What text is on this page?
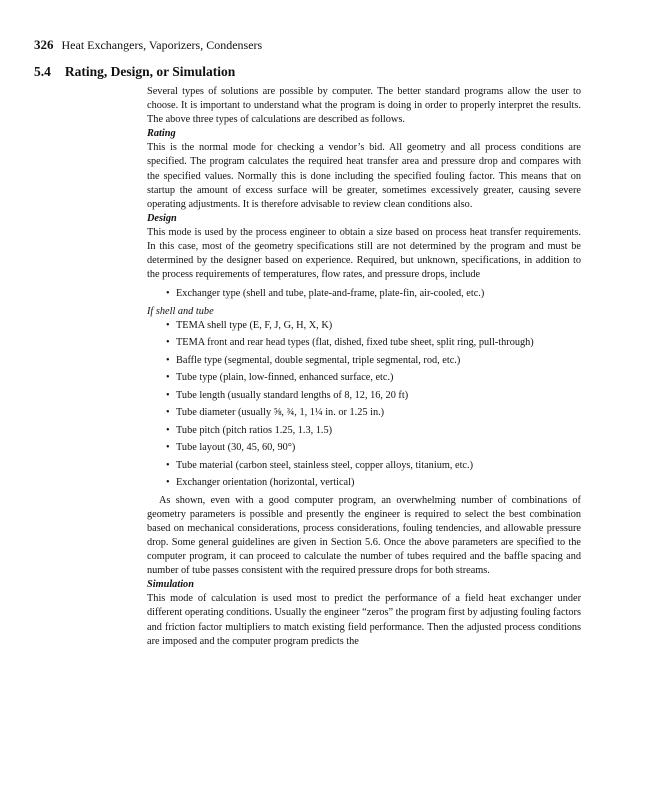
326 Heat Exchangers, Vaporizers, Condensers
5.4 Rating, Design, or Simulation

Several types of solutions are possible by computer. The better standard programs allow the user to choose. It is important to understand what the program is doing in order to properly interpret the results. The above three types of calculations are described as follows.

Rating

This is the normal mode for checking a vendor’s bid. All geometry and all process conditions are specified. The program calculates the required heat transfer area and pressure drop and compares with the specified values. Normally this is done including the specified fouling factor. This means that on startup the amount of excess surface will be greater, sometimes excessively greater, causing severe operating adjustments. It is therefore advisable to review clean conditions also.

Design

This mode is used by the process engineer to obtain a size based on process heat transfer requirements. In this case, most of the geometry specifications still are not determined by the program and must be determined by the designer based on experience. Required, but unknown, specifications, in addition to the process requirements of temperatures, flow rates, and pressure drops, include

• Exchanger type (shell and tube, plate-and-frame, plate-fin, air-cooled, etc.)

If shell and tube

• TEMA shell type (E, F, J, G, H, X, K)
• TEMA front and rear head types (flat, dished, fixed tube sheet, split ring, pull-through)
• Baffle type (segmental, double segmental, triple segmental, rod, etc.)
• Tube type (plain, low-finned, enhanced surface, etc.)
• Tube length (usually standard lengths of 8, 12, 16, 20 ft)
• Tube diameter (usually ⅝, ¾, 1, 1¼ in. or 1.25 in.)
• Tube pitch (pitch ratios 1.25, 1.3, 1.5)
• Tube layout (30, 45, 60, 90°)
• Tube material (carbon steel, stainless steel, copper alloys, titanium, etc.)
• Exchanger orientation (horizontal, vertical)

As shown, even with a good computer program, an overwhelming number of combinations of geometry parameters is possible and presently the engineer is required to select the best combination based on mechanical considerations, process considerations, fouling tendencies, and allowable pressure drop. Some general guidelines are given in Section 5.6. Once the above parameters are specified to the computer program, it can proceed to calculate the number of tubes required and the baffle spacing and number of tube passes consistent with the required pressure drops for both streams.

Simulation

This mode of calculation is used most to predict the performance of a field heat exchanger under different operating conditions. Usually the engineer “zeros” the program first by adjusting fouling factors and friction factor multipliers to match existing field performance. Then the adjusted process conditions are imposed and the computer program predicts the
